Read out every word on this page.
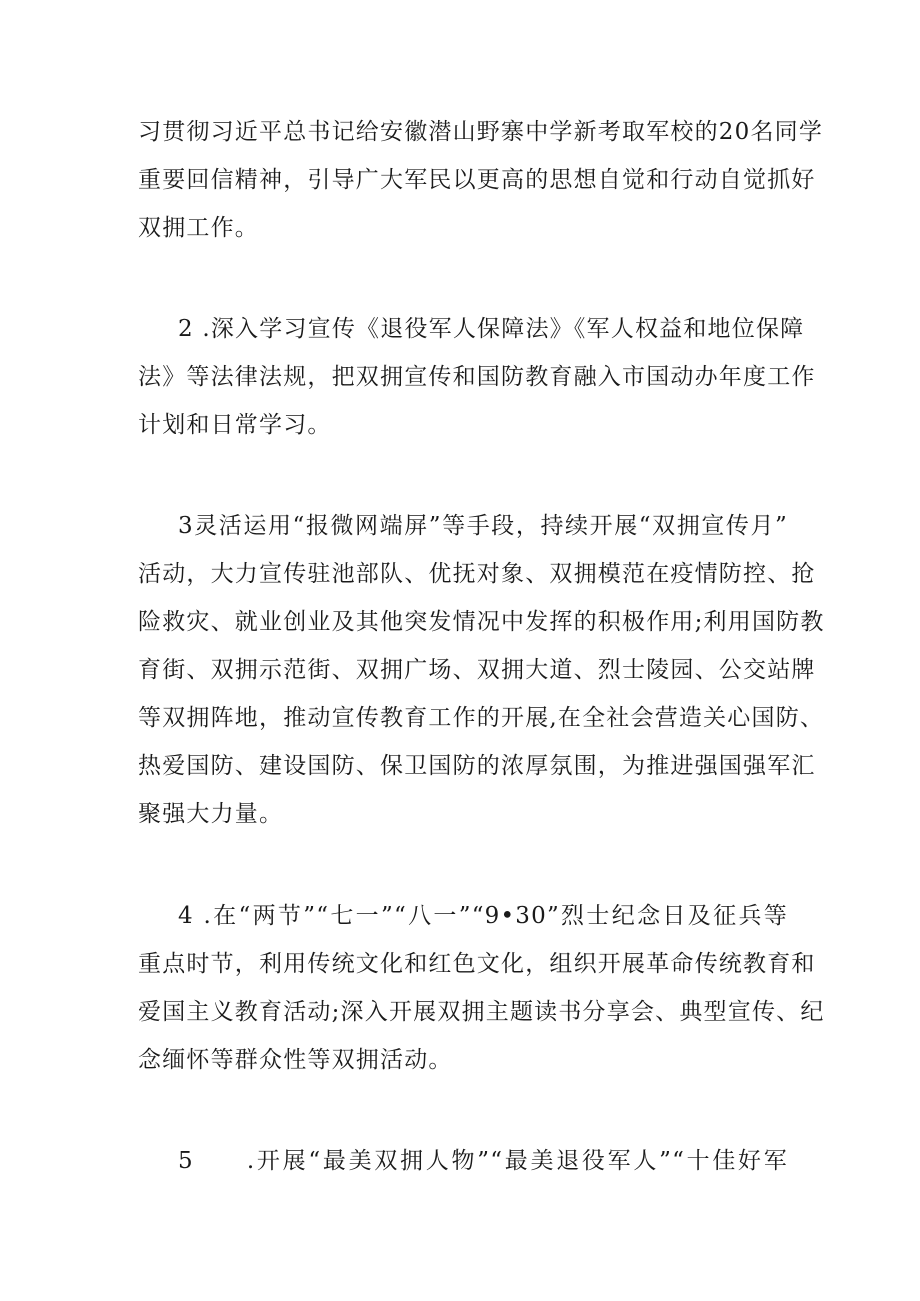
习贯彻习近平总书记给安徽潜山野寨中学新考取军校的20名同学
重要回信精神，引导广大军民以更高的思想自觉和行动自觉抓好
双拥工作。

2 .深入学习宣传《退役军人保障法》《军人权益和地位保障
法》等法律法规，把双拥宣传和国防教育融入市国动办年度工作
计划和日常学习。

3灵活运用“报微网端屏”等手段，持续开展“双拥宣传月”
活动，大力宣传驻池部队、优抚对象、双拥模范在疫情防控、抢
险救灾、就业创业及其他突发情况中发挥的积极作用;利用国防教
育街、双拥示范街、双拥广场、双拥大道、烈士陵园、公交站牌
等双拥阵地，推动宣传教育工作的开展,在全社会营造关心国防、
热爱国防、建设国防、保卫国防的浓厚氛围，为推进强国强军汇
聚强大力量。

4 .在“两节”“七一”“八一”“9•30”烈士纪念日及征兵等
重点时节，利用传统文化和红色文化，组织开展革命传统教育和
爱国主义教育活动;深入开展双拥主题读书分享会、典型宣传、纪
念缅怀等群众性等双拥活动。

5　　.开展“最美双拥人物”“最美退役军人”“十佳好军
